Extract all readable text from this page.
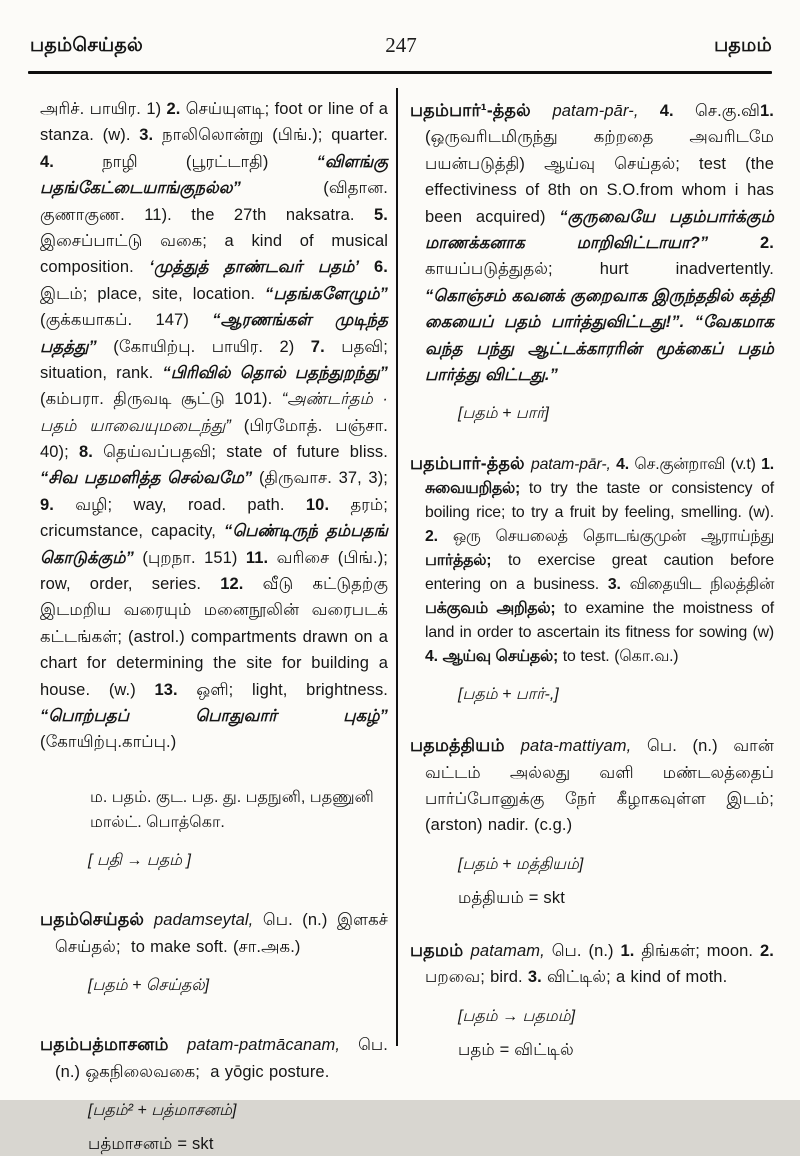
பதம்செய்தல்	247	பதமம்

அரிச். பாயிர. 1) 2. செய்யுளடி; foot or line of a stanza. (w). 3. நாலிலொன்று (பிங்.); quarter. 4. நாழி (பூரட்டாதி) “விளங்கு பதங்கேட்டையாங்குநல்ல” (விதான. குணாகுண. 11). the 27th naksatra. 5. இசைப்பாட்டு வகை; a kind of musical composition. ‘முத்துத் தாண்டவர் பதம்’ 6. இடம்; place, site, location. “பதங்களேழும்” (குக்கயாகப். 147) “ஆரணங்கள் முடிந்த பதத்து” (கோயிற்பு. பாயிர. 2) 7. பதவி; situation, rank. “பிரிவில் தொல் பதந்துறந்து” (கம்பரா. திருவடி சூட்டு 101). “அண்டர்தம் · பதம் யாவையுமடைந்து” (பிரமோத். பஞ்சா. 40); 8. தெய்வப்பதவி; state of future bliss. “சிவ பதமளித்த செல்வமே” (திருவாச. 37, 3); 9. வழி; way, road. path. 10. தரம்; cricumstance, capacity, “பெண்டிருந் தம்பதங் கொடுக்கும்” (புறநா. 151) 11. வரிசை (பிங்.); row, order, series. 12. வீடு கட்டுதற்கு இடமறிய வரையும் மனைநூலின் வரைபடக் கட்டங்கள்; (astrol.) compartments drawn on a chart for determining the site for building a house. (w.) 13. ஒளி; light, brightness. “பொற்பதப் பொதுவார் புகழ்” (கோயிற்பு.காப்பு.)

ம. பதம். குட. பத. து. பதநுனி, பதணுனி மால்ட். பொத்கொ.

[ பதி → பதம் ]

பதம்செய்தல் padamseytal, பெ. (n.) இளகச் செய்தல்;  to make soft. (சா.அக.)

[பதம் + செய்தல்]

பதம்பத்மாசனம் patam-patmācanam, பெ. (n.) ஒகநிலைவகை;  a yōgic posture.

[பதம்² + பத்மாசனம்]

பத்மாசனம் = skt

பதம்பார்¹-த்தல் patam-pār-, 4. செ.கு.வி1. (ஒருவரிடமிருந்து கற்றதை அவரிடமே பயன்படுத்தி) ஆய்வு செய்தல்; test (the effectiviness of 8th on S.O.from whom i has been acquired) “குருவையே பதம்பார்க்கும் மாணக்கனாக மாறிவிட்டாயா?” 2. காயப்படுத்துதல்; hurt inadvertently. “கொஞ்சம் கவனக் குறைவாக இருந்ததில் கத்தி கையைப் பதம் பார்த்துவிட்டது!”. “வேகமாக வந்த பந்து ஆட்டக்காரரின் மூக்கைப் பதம் பார்த்து விட்டது.”

[பதம் + பார்]

பதம்பார்-த்தல் patam-pār-, 4. செ.குன்றாவி (v.t) 1. சுவையறிதல்; to try the taste or consistency of boiling rice; to try a fruit by feeling, smelling. (w). 2. ஒரு செயலைத் தொடங்குமுன் ஆராய்ந்து பார்த்தல்; to exercise great caution before entering on a business. 3. விதையிட நிலத்தின் பக்குவம் அறிதல்; to examine the moistness of land in order to ascertain its fitness for sowing (w) 4. ஆய்வு செய்தல்; to test. (கொ.வ.)

[பதம் + பார்-,]

பதமத்தியம் pata-mattiyam, பெ. (n.) வான் வட்டம் அல்லது வளி மண்டலத்தைப் பார்ப்போனுக்கு நேர் கீழாகவுள்ள இடம்; (arston) nadir. (c.g.)

[பதம் + மத்தியம்]

மத்தியம் = skt

பதமம் patamam, பெ. (n.) 1. திங்கள்; moon. 2. பறவை; bird. 3. விட்டில்; a kind of moth.

[பதம் → பதமம்]

பதம் = விட்டில்
